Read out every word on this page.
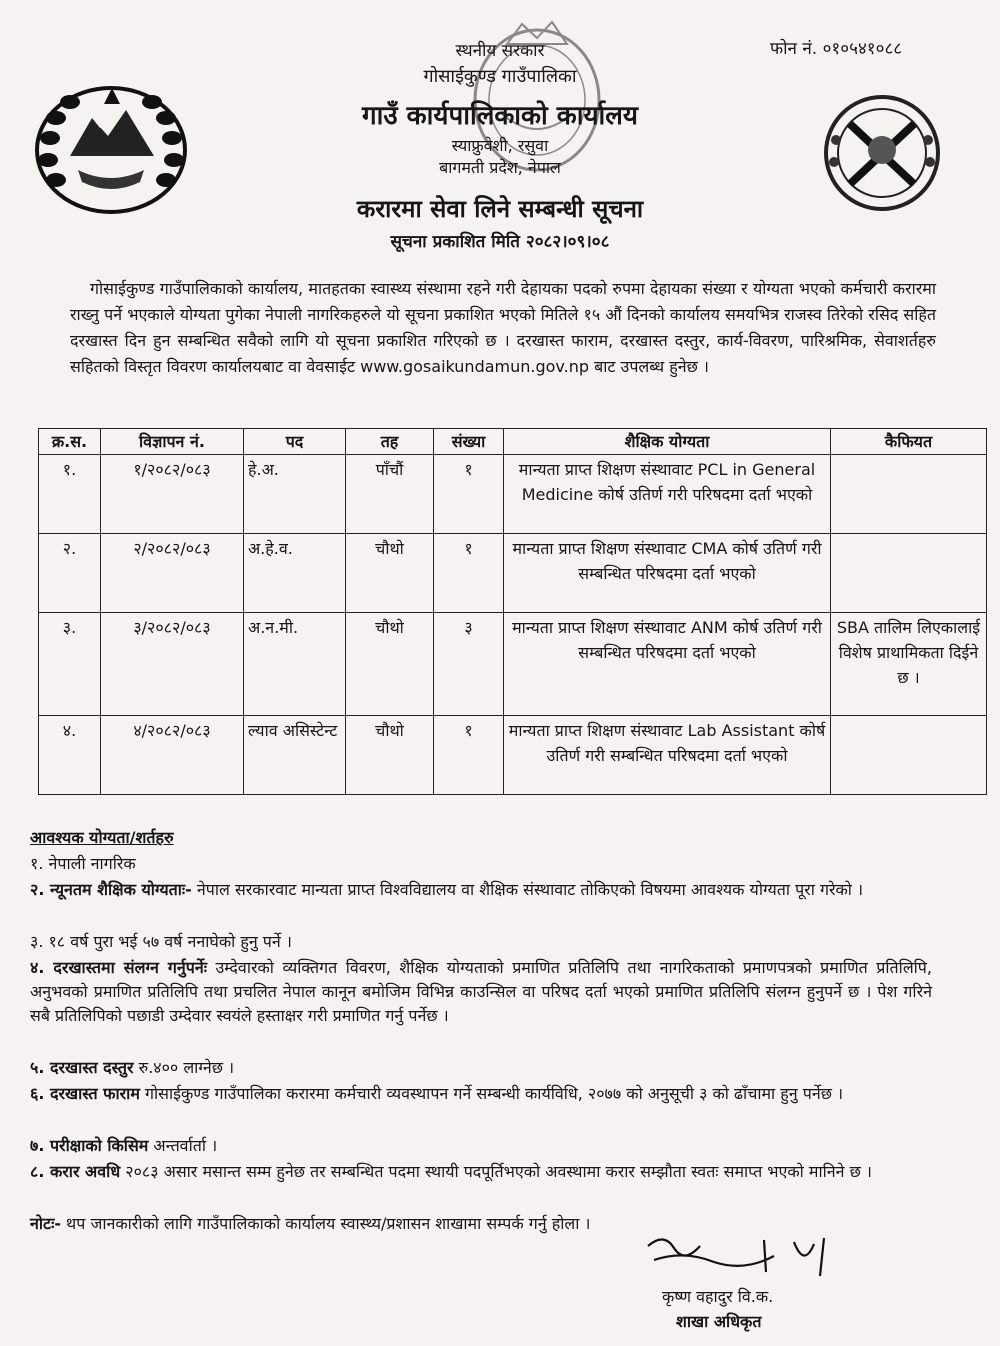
स्थनीय सरकार
गोसाईकुण्ड गाउँपालिका
गाउँ कार्यपालिकाको कार्यालय
स्याफ्रुवेशी, रसुवा
बागमती प्रदेश, नेपाल
फोन नं. ०१०५४१०८८
करारमा सेवा लिने सम्बन्धी सूचना
सूचना प्रकाशित मिति २०८२।०९।०८
गोसाईकुण्ड गाउँपालिकाको कार्यालय, मातहतका स्वास्थ्य संस्थामा रहने गरी देहायका पदको रुपमा देहायका संख्या र योग्यता भएको कर्मचारी करारमा राख्नु पर्ने भएकाले योग्यता पुगेका नेपाली नागरिकहरुले यो सूचना प्रकाशित भएको मितिले १५ औं दिनको कार्यालय समयभित्र राजस्व तिरेको रसिद सहित दरखास्त दिन हुन सम्बन्धित सवैको लागि यो सूचना प्रकाशित गरिएको छ । दरखास्त फाराम, दरखास्त दस्तुर, कार्य-विवरण, पारिश्रमिक, सेवाशर्तहरु सहितको विस्तृत विवरण कार्यालयबाट वा वेवसाईट www.gosaikundamun.gov.np बाट उपलब्ध हुनेछ ।
क्र.स.	विज्ञापन नं.	पद	तह	संख्या	शैक्षिक योग्यता	कैफियत
१.	१/२०८२/०८३	हे.अ.	पाँचौं	१	मान्यता प्राप्त शिक्षण संस्थावाट PCL in General Medicine कोर्ष उतिर्ण गरी परिषदमा दर्ता भएको	
२.	२/२०८२/०८३	अ.हे.व.	चौथो	१	मान्यता प्राप्त शिक्षण संस्थावाट CMA कोर्ष उतिर्ण गरी सम्बन्धित परिषदमा दर्ता भएको	
३.	३/२०८२/०८३	अ.न.मी.	चौथो	३	मान्यता प्राप्त शिक्षण संस्थावाट ANM कोर्ष उतिर्ण गरी सम्बन्धित परिषदमा दर्ता भएको	SBA तालिम लिएकालाई विशेष प्राथामिकता दिईने छ ।
४.	४/२०८२/०८३	ल्याव असिस्टेन्ट	चौथो	१	मान्यता प्राप्त शिक्षण संस्थावाट Lab Assistant कोर्ष उतिर्ण गरी सम्बन्धित परिषदमा दर्ता भएको	
आवश्यक योग्यता/शर्तहरु
१. नेपाली नागरिक
२. न्यूनतम शैक्षिक योग्यताः- नेपाल सरकारवाट मान्यता प्राप्त विश्वविद्यालय वा शैक्षिक संस्थावाट तोकिएको विषयमा आवश्यक योग्यता पूरा गरेको ।
३. १८ वर्ष पुरा भई ५७ वर्ष ननाघेको हुनु पर्ने ।
४. दरखास्तमा संलग्न गर्नुपर्नेः उम्देवारको व्यक्तिगत विवरण, शैक्षिक योग्यताको प्रमाणित प्रतिलिपि तथा नागरिकताको प्रमाणपत्रको प्रमाणित प्रतिलिपि, अनुभवको प्रमाणित प्रतिलिपि तथा प्रचलित नेपाल कानून बमोजिम विभिन्न काउन्सिल वा परिषद दर्ता भएको प्रमाणित प्रतिलिपि संलग्न हुनुपर्ने छ । पेश गरिने सबै प्रतिलिपिको पछाडी उम्देवार स्वयंले हस्ताक्षर गरी प्रमाणित गर्नु पर्नेछ ।
५. दरखास्त दस्तुर रु.४०० लाग्नेछ ।
६. दरखास्त फाराम गोसाईकुण्ड गाउँपालिका करारमा कर्मचारी व्यवस्थापन गर्ने सम्बन्धी कार्यविधि, २०७७ को अनुसूची ३ को ढाँचामा हुनु पर्नेछ ।
७. परीक्षाको किसिम अन्तर्वार्ता ।
८. करार अवधि २०८३ असार मसान्त सम्म हुनेछ तर सम्बन्धित पदमा स्थायी पदपूर्तिभएको अवस्थामा करार सम्झौता स्वतः समाप्त भएको मानिने छ ।
नोटः- थप जानकारीको लागि गाउँपालिकाको कार्यालय स्वास्थ्य/प्रशासन शाखामा सम्पर्क गर्नु होला ।
कृष्ण वहादुर वि.क.
शाखा अधिकृत
